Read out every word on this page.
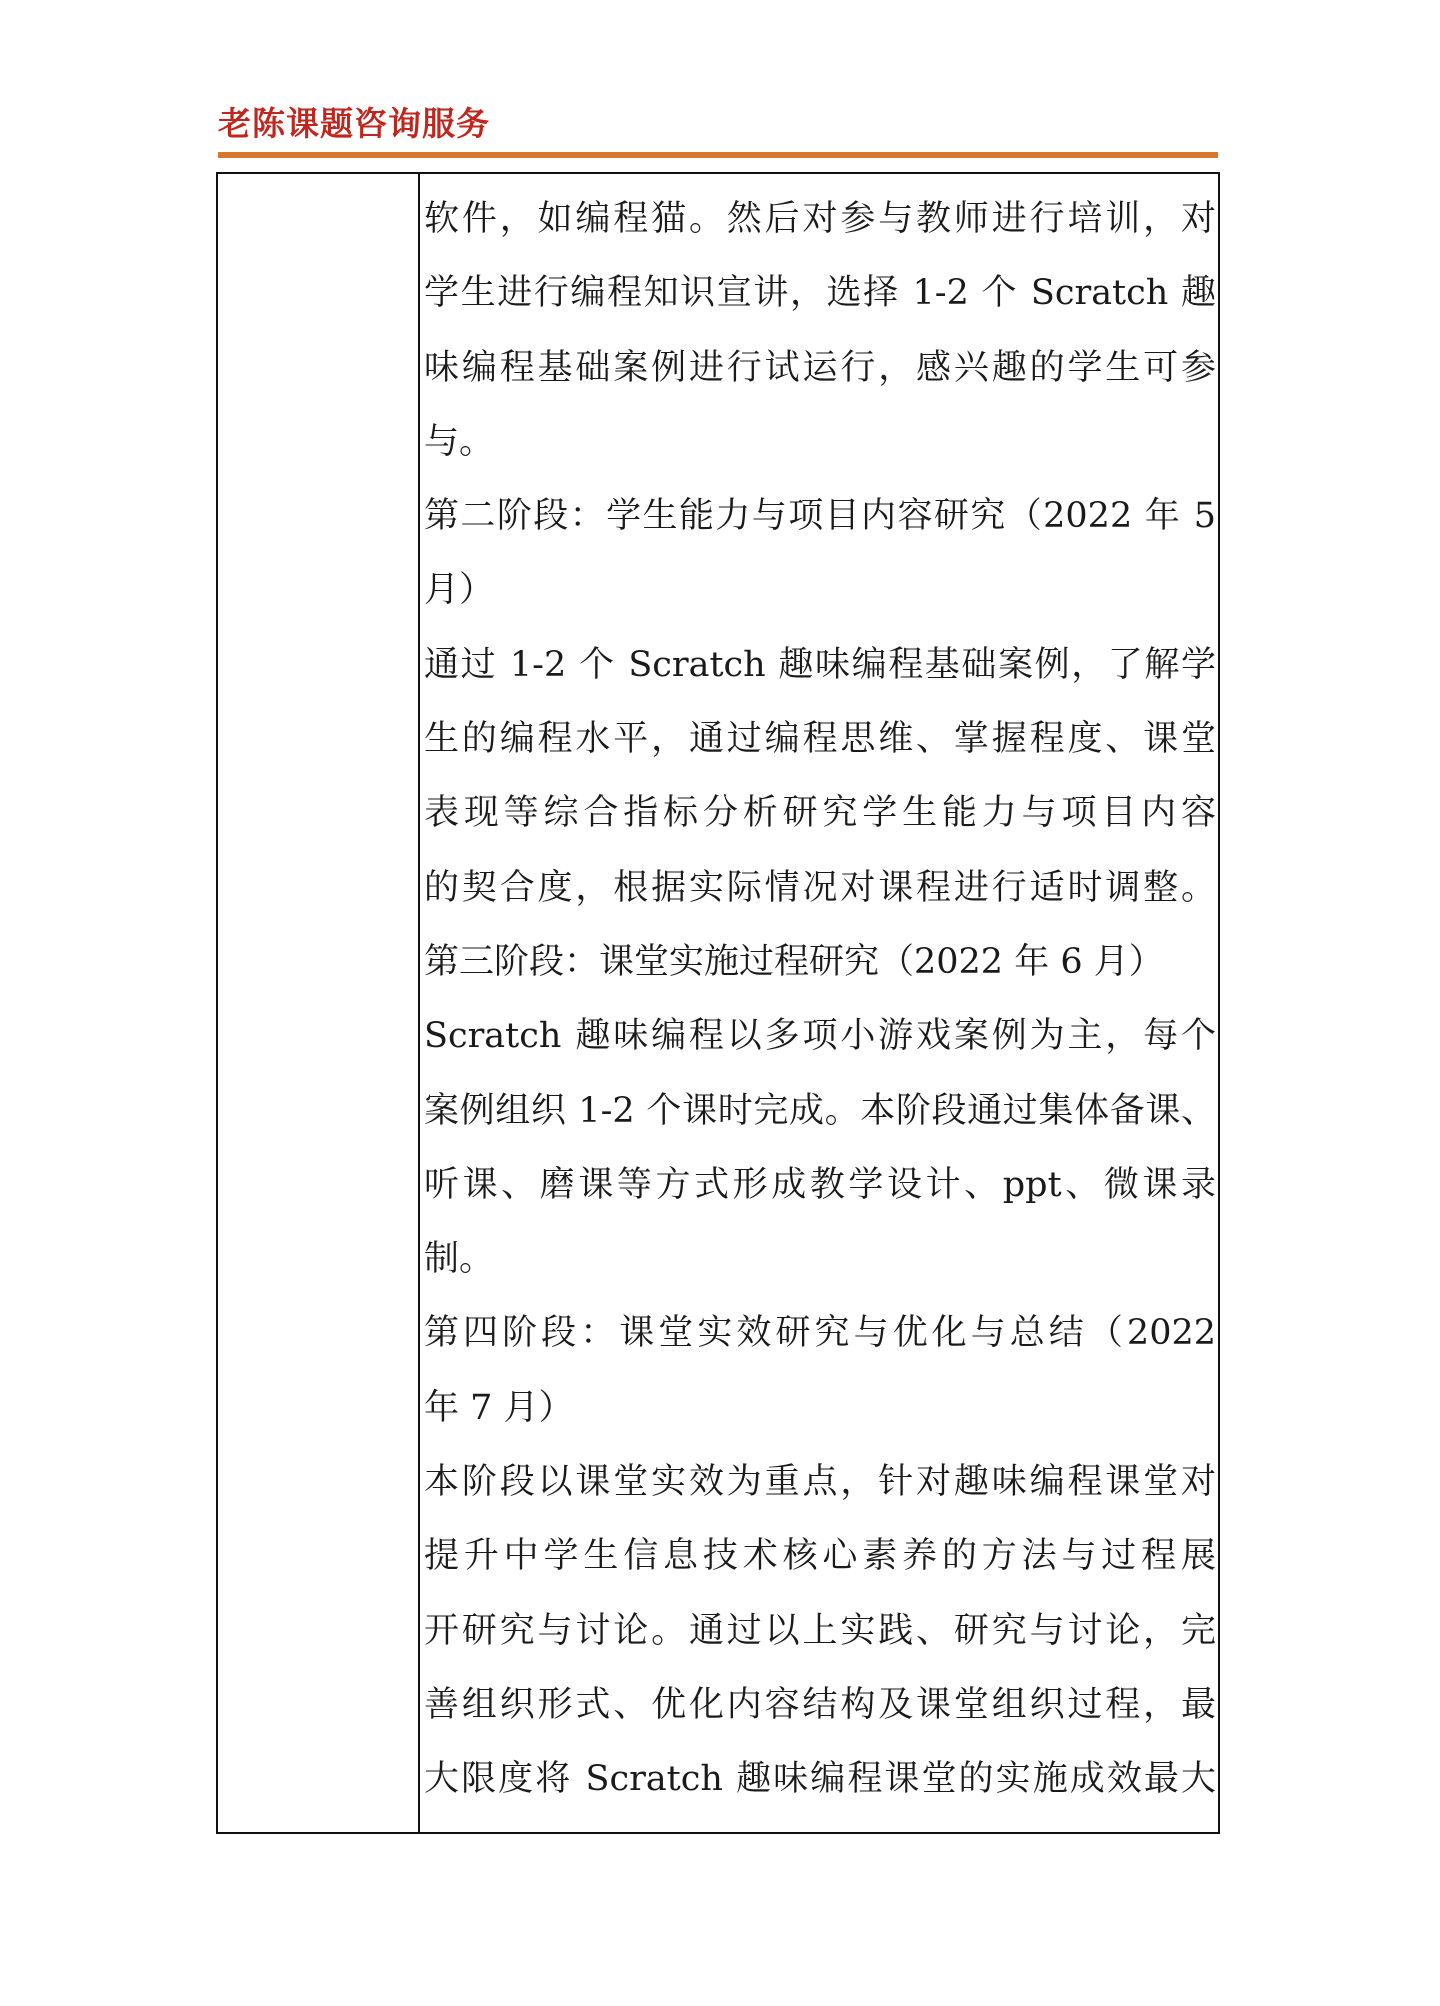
老陈课题咨询服务
软件，如编程猫。然后对参与教师进行培训，对
学生进行编程知识宣讲，选择 1-2 个 Scratch 趣
味编程基础案例进行试运行，感兴趣的学生可参
与。
第二阶段：学生能力与项目内容研究（2022 年 5
月）
通过 1-2 个 Scratch 趣味编程基础案例，了解学
生的编程水平，通过编程思维、掌握程度、课堂
表现等综合指标分析研究学生能力与项目内容
的契合度，根据实际情况对课程进行适时调整。
第三阶段：课堂实施过程研究（2022 年 6 月）
Scratch 趣味编程以多项小游戏案例为主，每个
案例组织 1-2 个课时完成。本阶段通过集体备课、
听课、磨课等方式形成教学设计、ppt、微课录
制。
第四阶段：课堂实效研究与优化与总结（2022
年 7 月）
本阶段以课堂实效为重点，针对趣味编程课堂对
提升中学生信息技术核心素养的方法与过程展
开研究与讨论。通过以上实践、研究与讨论，完
善组织形式、优化内容结构及课堂组织过程，最
大限度将 Scratch 趣味编程课堂的实施成效最大
